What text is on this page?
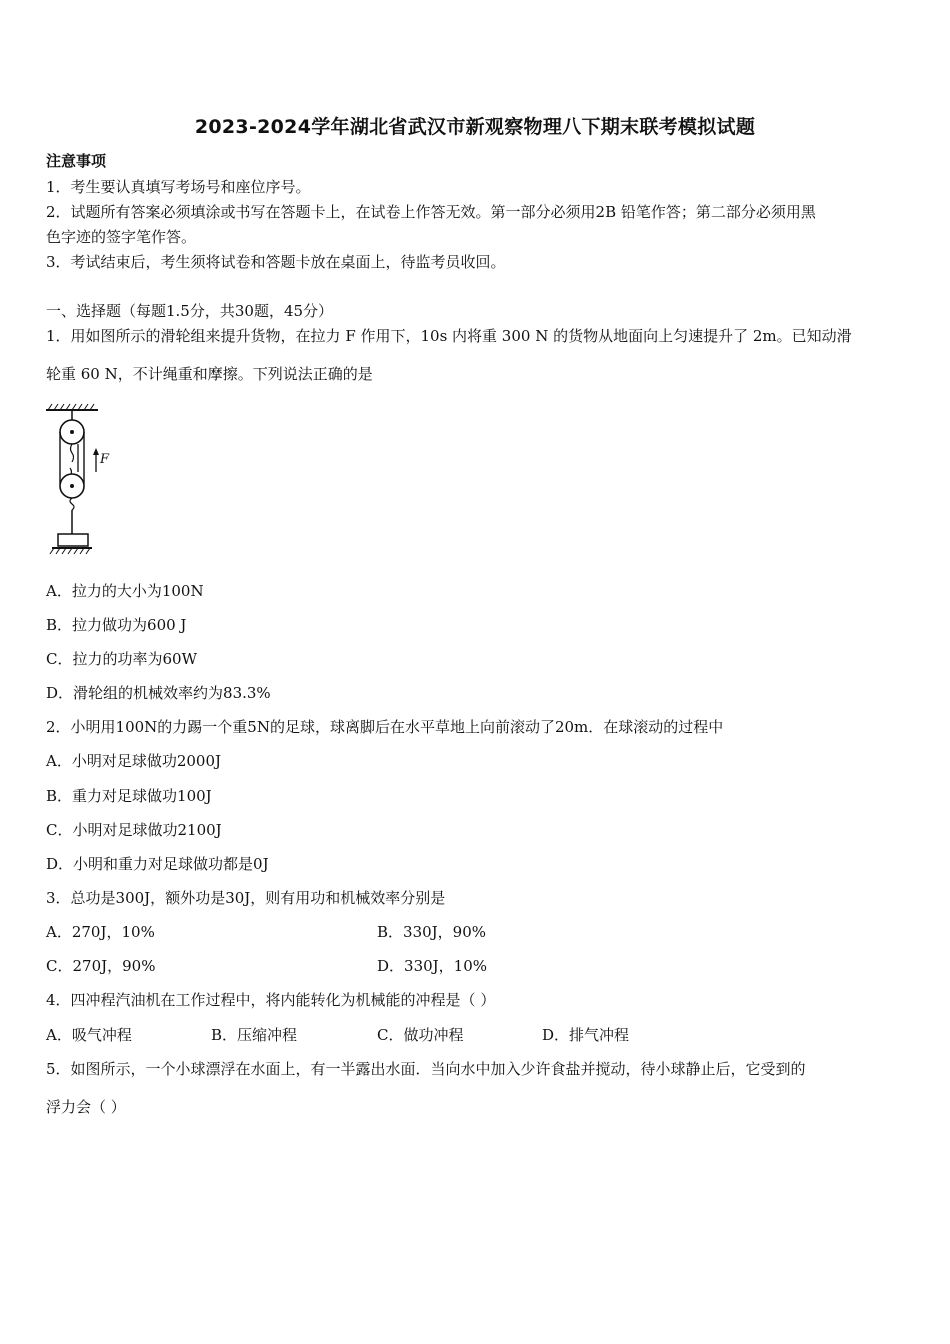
2023-2024学年湖北省武汉市新观察物理八下期末联考模拟试题
注意事项
1．考生要认真填写考场号和座位序号。
2．试题所有答案必须填涂或书写在答题卡上，在试卷上作答无效。第一部分必须用2B 铅笔作答；第二部分必须用黑
色字迹的签字笔作答。
3．考试结束后，考生须将试卷和答题卡放在桌面上，待监考员收回。
一、选择题（每题1.5分，共30题，45分）
1．用如图所示的滑轮组来提升货物，在拉力 F 作用下，10s 内将重 300 N 的货物从地面向上匀速提升了 2m。已知动滑
轮重 60 N，不计绳重和摩擦。下列说法正确的是
F
A．拉力的大小为100N
B．拉力做功为600 J
C．拉力的功率为60W
D．滑轮组的机械效率约为83.3%
2．小明用100N的力踢一个重5N的足球，球离脚后在水平草地上向前滚动了20m．在球滚动的过程中
A．小明对足球做功2000J
B．重力对足球做功100J
C．小明对足球做功2100J
D．小明和重力对足球做功都是0J
3．总功是300J，额外功是30J，则有用功和机械效率分别是
A．270J，10%	B．330J，90%
C．270J，90%	D．330J，10%
4．四冲程汽油机在工作过程中，将内能转化为机械能的冲程是（ ）
A．吸气冲程	B．压缩冲程	C．做功冲程	D．排气冲程
5．如图所示，一个小球漂浮在水面上，有一半露出水面．当向水中加入少许食盐并搅动，待小球静止后，它受到的
浮力会（ ）
